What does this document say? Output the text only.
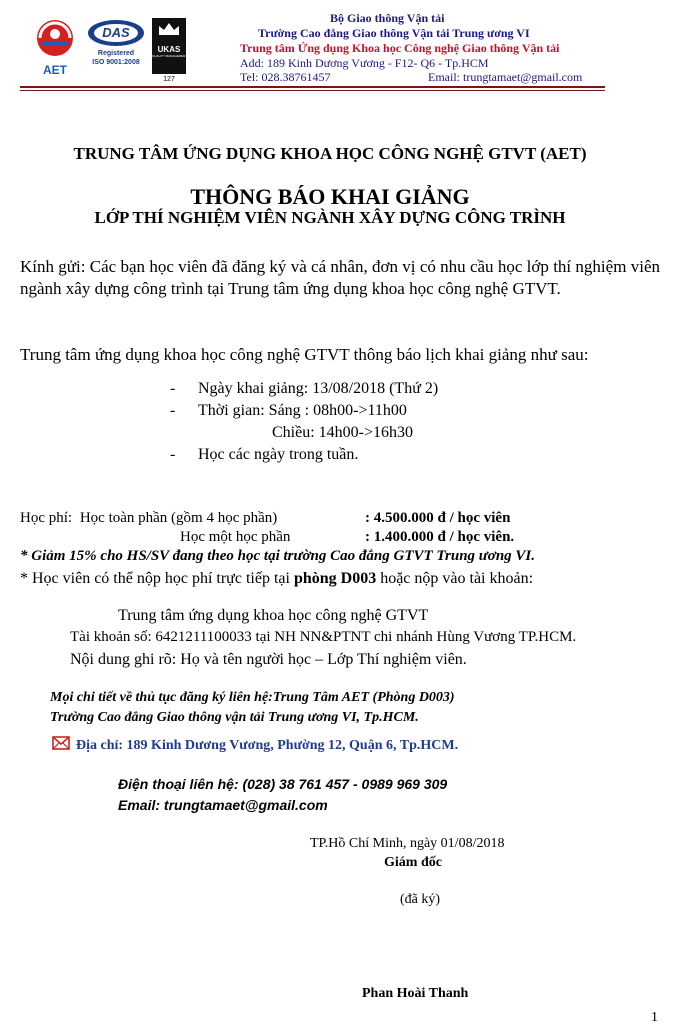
AET
DAS
Registered
ISO 9001:2008
UKAS
QUALITY MANAGEMENT
127
Bộ Giao thông Vận tải
Trường Cao đẳng Giao thông Vận tải Trung ương VI
Trung tâm Ứng dụng Khoa học Công nghệ Giao thông Vận tải
Add: 189 Kinh Dương Vương - F12- Q6 - Tp.HCM
Tel: 028.38761457	Email: trungtamaet@gmail.com
TRUNG TÂM ỨNG DỤNG KHOA HỌC CÔNG NGHỆ GTVT (AET)
THÔNG BÁO KHAI GIẢNG
LỚP THÍ NGHIỆM VIÊN NGÀNH XÂY DỰNG CÔNG TRÌNH
Kính gửi: Các bạn học viên đã đăng ký và cá nhân, đơn vị có nhu cầu học lớp thí nghiệm viên ngành xây dựng công trình tại Trung tâm ứng dụng khoa học công nghệ GTVT.
Trung tâm ứng dụng khoa học công nghệ GTVT thông báo lịch khai giảng như sau:
- Ngày khai giảng: 13/08/2018 (Thứ 2)
- Thời gian: Sáng : 08h00->11h00
Chiều: 14h00->16h30
- Học các ngày trong tuần.
Học phí: Học toàn phần (gồm 4 học phần)	: 4.500.000 đ / học viên
Học một học phần	: 1.400.000 đ / học viên.
* Giảm 15% cho HS/SV đang theo học tại trường Cao đẳng GTVT Trung ương VI.
* Học viên có thể nộp học phí trực tiếp tại phòng D003 hoặc nộp vào tài khoản:
Trung tâm ứng dụng khoa học công nghệ GTVT
Tài khoản số: 6421211100033 tại NH NN&PTNT chi nhánh Hùng Vương TP.HCM.
Nội dung ghi rõ: Họ và tên người học – Lớp Thí nghiệm viên.
Mọi chi tiết về thủ tục đăng ký liên hệ:Trung Tâm AET (Phòng D003)
Trường Cao đẳng Giao thông vận tải Trung ương VI, Tp.HCM.
Địa chỉ: 189 Kinh Dương Vương, Phường 12, Quận 6, Tp.HCM.
Điện thoại liên hệ: (028) 38 761 457 - 0989 969 309
Email: trungtamaet@gmail.com
TP.Hồ Chí Minh, ngày 01/08/2018
Giám đốc
(đã ký)
Phan Hoài Thanh
1
